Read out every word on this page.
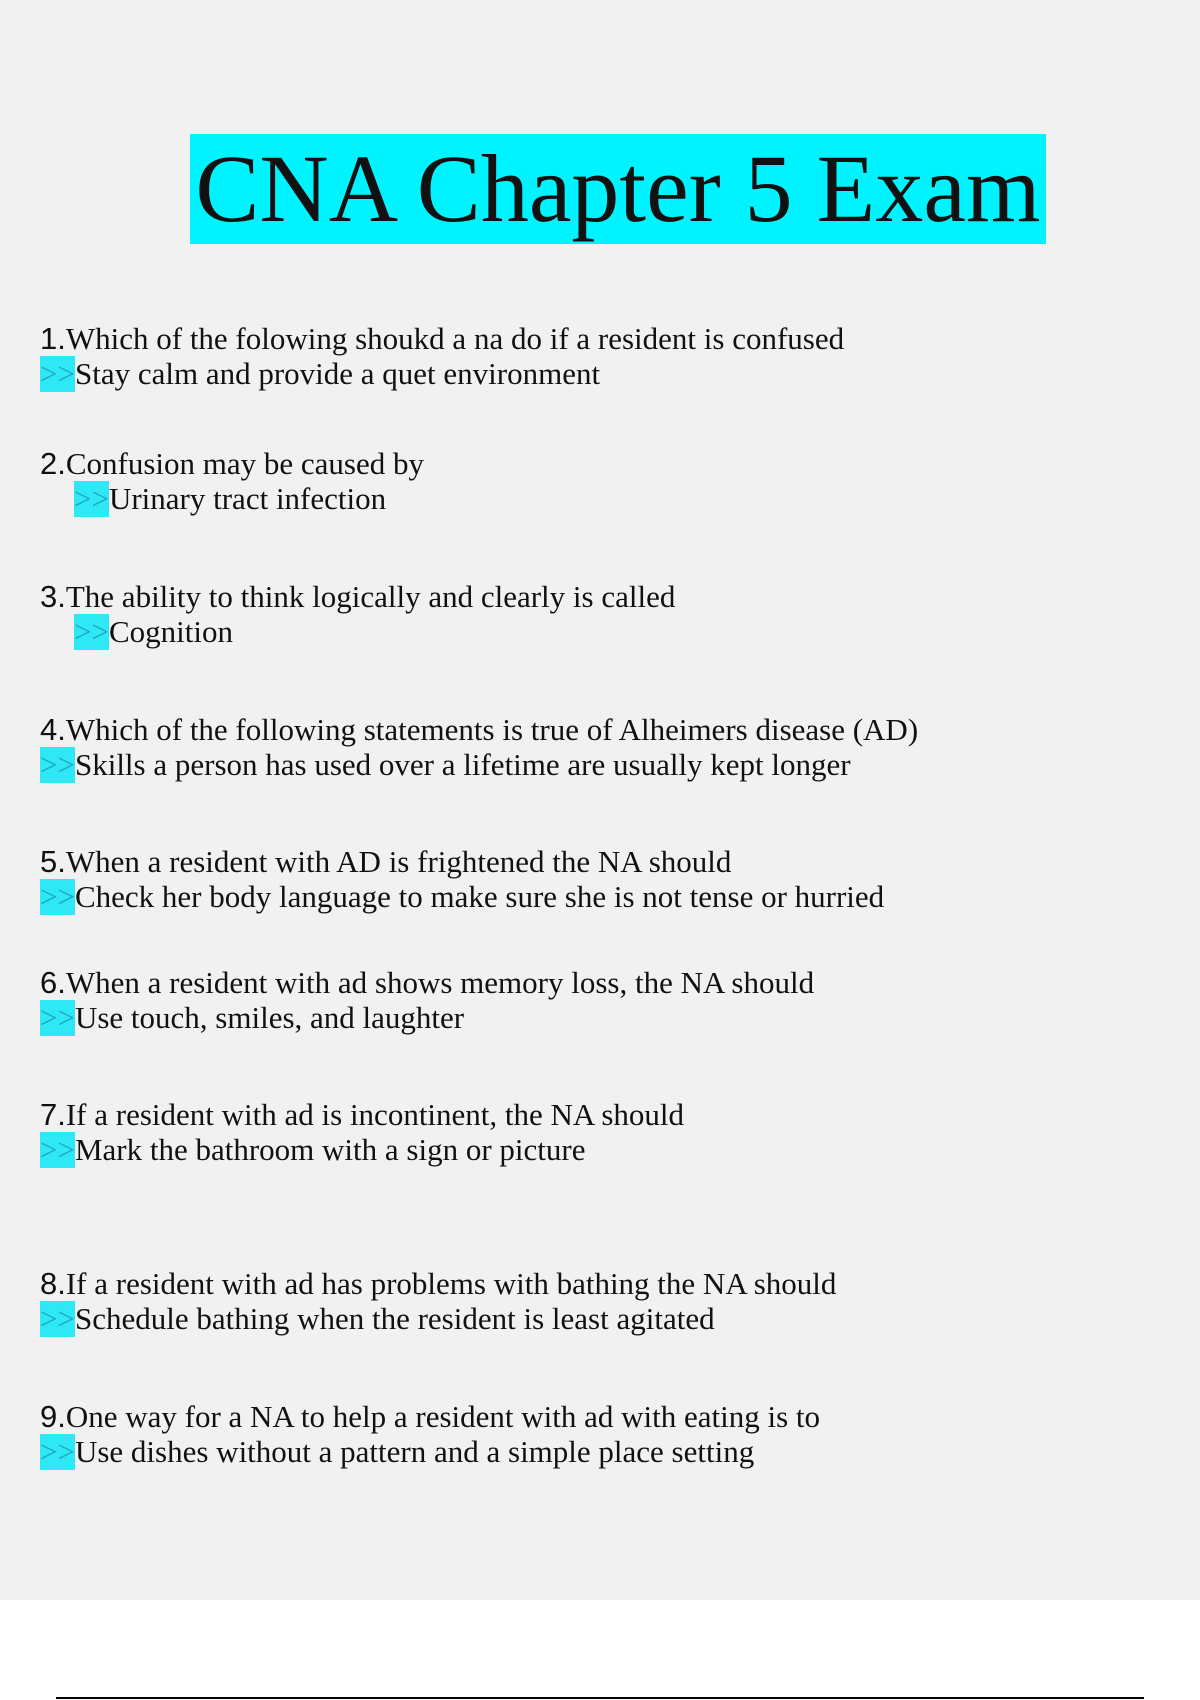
CNA Chapter 5 Exam
1.Which of the folowing shoukd a na do if a resident is confused
>>Stay calm and provide a quet environment
2.Confusion may be caused by
>>Urinary tract infection
3.The ability to think logically and clearly is called
>>Cognition
4.Which of the following statements is true of Alheimers disease (AD)
>>Skills a person has used over a lifetime are usually kept longer
5.When a resident with AD is frightened the NA should
>>Check her body language to make sure she is not tense or hurried
6.When a resident with ad shows memory loss, the NA should
>>Use touch, smiles, and laughter
7.If a resident with ad is incontinent, the NA should
>>Mark the bathroom with a sign or picture
8.If a resident with ad has problems with bathing the NA should
>>Schedule bathing when the resident is least agitated
9.One way for a NA to help a resident with ad with eating is to
>>Use dishes without a pattern and a simple place setting
